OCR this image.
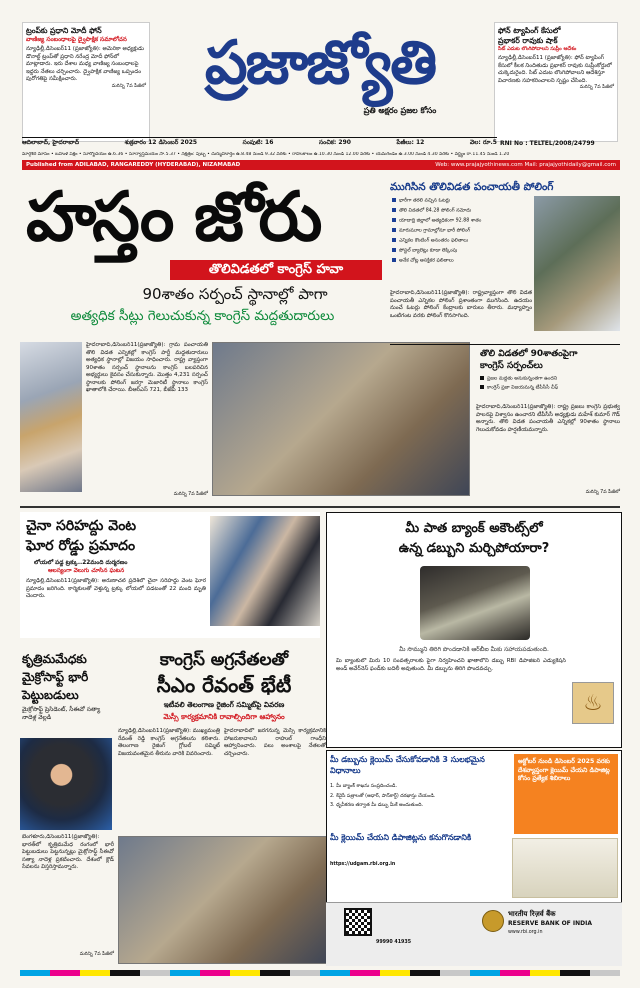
ట్రంప్‌కు ప్రధాని మోదీ ఫోన్
వాణిజ్య సంబంధాలపై ద్వైపాక్షిక సమాలోచన
న్యూఢిల్లీ,డిసెంబర్11 (ప్రజాజ్యోతి): అమెరికా అధ్యక్షుడు డొనాల్డ్ ట్రంప్‌తో ప్రధాని నరేంద్ర మోదీ ఫోన్‌లో మాట్లాడారు. ఇరు దేశాల మధ్య వాణిజ్య సంబంధాలపై ఇద్దరు నేతలు చర్చించారు. ద్వైపాక్షిక వాణిజ్య ఒప్పందం పురోగతిపై సమీక్షించారు.
మరిన్ని 7వ పేజీలో ప్రజాజ్యోతి
ప్రతి అక్షరం ప్రజల కోసం
ఫోన్ ట్యాపింగ్ కేసులో
ప్రభాకర్ రావుకు షాక్
సిట్ ఎదుట లొంగిపోవాలని సుప్రీం ఆదేశం
న్యూఢిల్లీ,డిసెంబర్11 (ప్రజాజ్యోతి): ఫోన్ ట్యాపింగ్ కేసులో కీలక నిందితుడు ప్రభాకర్ రావుకు సుప్రీంకోర్టులో చుక్కెదురైంది. సిట్ ఎదుట లొంగిపోవాలని ఆదేశిస్తూ విచారణకు సహకరించాలని స్పష్టం చేసింది.
మరిన్ని 7వ పేజీలో
RNI No : TELTEL/2008/24799
ఆదిలాబాద్, హైదరాబాద్	శుక్రవారం 12 డిసెంబర్ 2025	సంపుటి: 16	సంచిక: 290	పేజీలు: 12	వెల: రూ.5
మార్గశిర మాసం • బహుళ పక్షం • సూర్యోదయం ఉ.6.36 • సూర్యాస్తమయం సా.5.37 • నక్షత్రం: పుబ్బ • దుర్ముహూర్తం ఉ.8.48 నుండి 9.32 వరకు • రాహుకాలం ఉ.10.30 నుండి 12.00 వరకు • యమగండం ఉ.3.00 నుండి 4.30 వరకు • వర్జ్యం రా.11.45 నుండి 1.20
Published from ADILABAD, RANGAREDDY (HYDERABAD), NIZAMABAD	Web: www.prajajyothinews.com Mail: prajajyothidaily@gmail.com
హస్తం జోరు
తొలివిడతలో కాంగ్రెస్ హవా
90శాతం సర్పంచ్ స్థానాల్లో పాగా
అత్యధిక సీట్లు గెలుచుకున్న కాంగ్రెస్ మద్దతుదారులు
హైదరాబాద్,డిసెంబర్11(ప్రజాజ్యోతి): గ్రామ పంచాయతీ తొలి విడత ఎన్నికల్లో కాంగ్రెస్ పార్టీ మద్దతుదారులు అత్యధిక స్థానాల్లో విజయం సాధించారు. రాష్ట్ర వ్యాప్తంగా 90శాతం సర్పంచ్ స్థానాలను కాంగ్రెస్ బలపరిచిన అభ్యర్థులు కైవసం చేసుకున్నారు. మొత్తం 4,231 సర్పంచ్ స్థానాలకు పోలింగ్ జరగ్గా మెజారిటీ స్థానాలు కాంగ్రెస్ ఖాతాలోకి చేరాయి. బీఆర్ఎస్ 721, బీజేపీ 133
మరిన్ని 7వ పేజీలో
ముగిసిన తొలివిడత పంచాయతీ పోలింగ్
భారీగా తరలి వచ్చిన ఓటర్లు
తొలి విడతలో 84.28 పోలింగ్ నమోదు
యాదాద్రి జిల్లాలో అత్యధికంగా 92.88 శాతం
మారుమూల గ్రామాల్లోనూ భారీ పోలింగ్
ఎన్నికల కౌంటింగ్ అనంతరం ఫలితాలు
పోస్టల్ బ్యాలెట్లు కూడా లెక్కింపు
అనేక చోట్ల ఆసక్తికర ఫలితాలు
హైదరాబాద్,డిసెంబర్11(ప్రజాజ్యోతి): రాష్ట్రవ్యాప్తంగా తొలి విడత పంచాయతీ ఎన్నికల పోలింగ్ ప్రశాంతంగా ముగిసింది. ఉదయం నుంచే ఓటర్లు పోలింగ్ కేంద్రాలకు బారులు తీరారు. మధ్యాహ్నం ఒంటిగంట వరకు పోలింగ్ కొనసాగింది.
తొలి విడతలో 90శాతంపైగా
కాంగ్రెస్ సర్పంచ్‌లు
ప్రజల మద్దతు అనుకున్నంతగా ఉందని
కాంగ్రెస్ ప్రజా విజయమన్న టీపీసీసీ చీఫ్
హైదరాబాద్,డిసెంబర్11(ప్రజాజ్యోతి): రాష్ట్ర ప్రజలు కాంగ్రెస్ ప్రభుత్వ పాలనపై విశ్వాసం ఉంచారని టీపీసీసీ అధ్యక్షుడు మహేశ్ కుమార్ గౌడ్ అన్నారు. తొలి విడత పంచాయతీ ఎన్నికల్లో 90శాతం స్థానాలు గెలుచుకోవడం హర్షణీయమన్నారు.
మరిన్ని 7వ పేజీలో
చైనా సరిహద్దు వెంట
ఘోర రోడ్డు ప్రమాదం
లోయలో పడ్డ ట్రక్కు..22మంది దుర్మరణం
ఆలస్యంగా వెలుగు చూసిన ఘటన
న్యూఢిల్లీ,డిసెంబర్11(ప్రజాజ్యోతి): అరుణాచల్ ప్రదేశ్‌లో చైనా సరిహద్దు వెంట ఘోర ప్రమాదం జరిగింది. కార్మికులతో వెళ్తున్న ట్రక్కు లోయలో పడటంతో 22 మంది మృతి చెందారు.
కృత్రిమమేధకు మైక్రోసాఫ్ట్ భారీ పెట్టుబడులు
మైక్రోసాఫ్ట్ ప్రెసిడెంట్, సీఈవో సత్యా నాదెళ్ల వెల్లడి
బెంగళూరు,డిసెంబర్11(ప్రజాజ్యోతి): భారత్‌లో కృత్రిమమేధ రంగంలో భారీ పెట్టుబడులు పెట్టనున్నట్లు మైక్రోసాఫ్ట్ సీఈవో సత్యా నాదెళ్ల ప్రకటించారు. దేశంలో క్లౌడ్ సేవలను విస్తరిస్తామన్నారు.
మరిన్ని 7వ పేజీలో
కాంగ్రెస్ అగ్రనేతలతో
సీఎం రేవంత్ భేటీ
ఇటీవలి తెలంగాణ రైజింగ్ సమ్మిట్‌పై వివరణ
మెస్సీ కార్యక్రమానికి రావాల్సిందిగా ఆహ్వానం
న్యూఢిల్లీ,డిసెంబర్11(ప్రజాజ్యోతి): ముఖ్యమంత్రి రేవంత్ రెడ్డి కాంగ్రెస్ అగ్రనేతలను కలిశారు. తెలంగాణ రైజింగ్ గ్లోబల్ సమ్మిట్ విజయవంతమైన తీరును వారికి వివరించారు.
హైదరాబాద్‌లో జరగనున్న మెస్సీ కార్యక్రమానికి హాజరుకావాలని రాహుల్ గాంధీని ఆహ్వానించారు. పలు అంశాలపై నేతలతో చర్చించారు.
మీ పాత బ్యాంక్ అకౌంట్స్‌లో
ఉన్న డబ్బుని మర్చిపోయారా?
మీ సొమ్ముని తిరిగి పొందడానికి ఆర్‌బీఐ మీకు సహాయపడుతుంది.
మీ బ్యాంకులో మీరు 10 సంవత్సరాలకు పైగా నిర్వహించని ఖాతాలోని డబ్బు RBI డిపాజిటర్ ఎడ్యుకేషన్ అండ్ అవేర్‌నెస్ ఫండ్‌కు బదిలీ అవుతుంది. మీ డబ్బును తిరిగి పొందవచ్చు.
♨
మీ డబ్బును క్లెయిమ్ చేసుకోవడానికి 3 సులభమైన విధానాలు
1. మీ బ్యాంక్ శాఖను సంప్రదించండి.
2. కేవైసీ పత్రాలతో (ఆధార్, పాన్‌కార్డ్) దరఖాస్తు చేయండి.
3. ధృవీకరణ తర్వాత మీ డబ్బు మీకే అందుతుంది.
అక్టోబర్ నుండి డిసెంబర్ 2025 వరకు దేశవ్యాప్తంగా క్లెయిమ్ చేయని డిపాజిట్ల కోసం ప్రత్యేక శిబిరాలు
మీ క్లెయిమ్ చేయని డిపాజిట్లను కనుగొనడానికి
https://udgam.rbi.org.in
99990 41935
भारतीय रिज़र्व बैंक
RESERVE BANK OF INDIA
www.rbi.org.in
